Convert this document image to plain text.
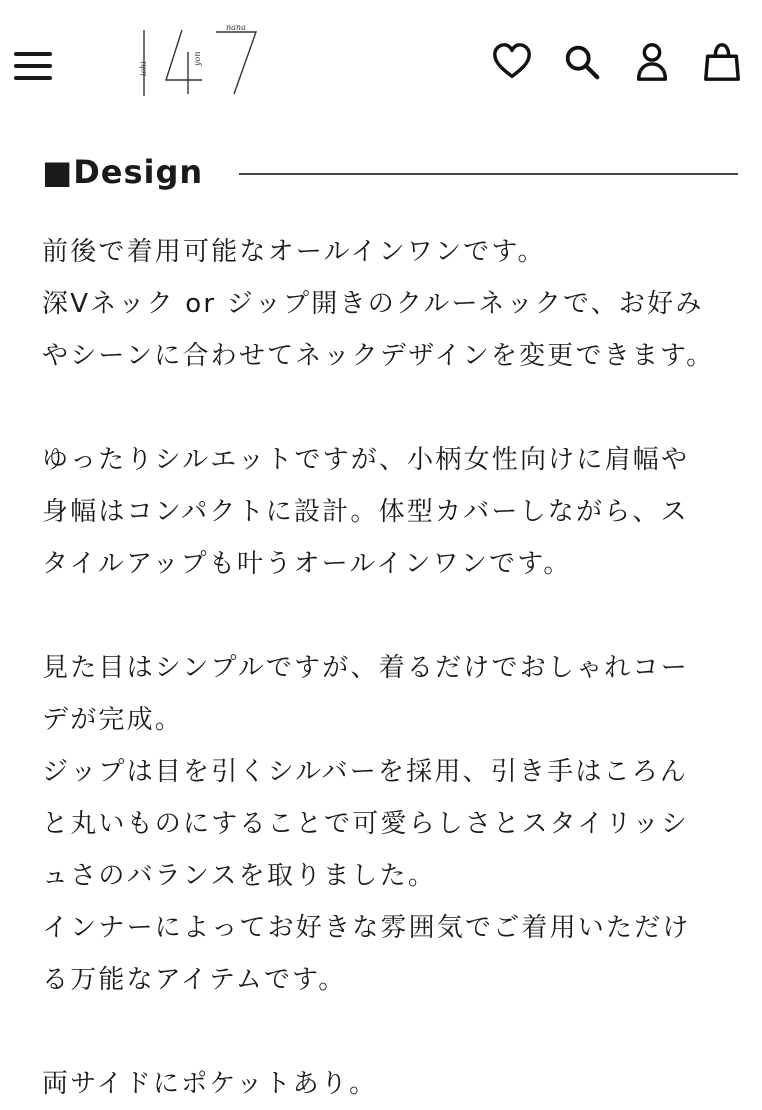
ichi
yon
nana
■Design

前後で着用可能なオールインワンです。
深Vネック or ジップ開きのクルーネックで、お好み
やシーンに合わせてネックデザインを変更できます。

ゆったりシルエットですが、小柄女性向けに肩幅や
身幅はコンパクトに設計。体型カバーしながら、ス
タイルアップも叶うオールインワンです。

見た目はシンプルですが、着るだけでおしゃれコー
デが完成。
ジップは目を引くシルバーを採用、引き手はころん
と丸いものにすることで可愛らしさとスタイリッシ
ュさのバランスを取りました。
インナーによってお好きな雰囲気でご着用いただけ
る万能なアイテムです。

両サイドにポケットあり。
